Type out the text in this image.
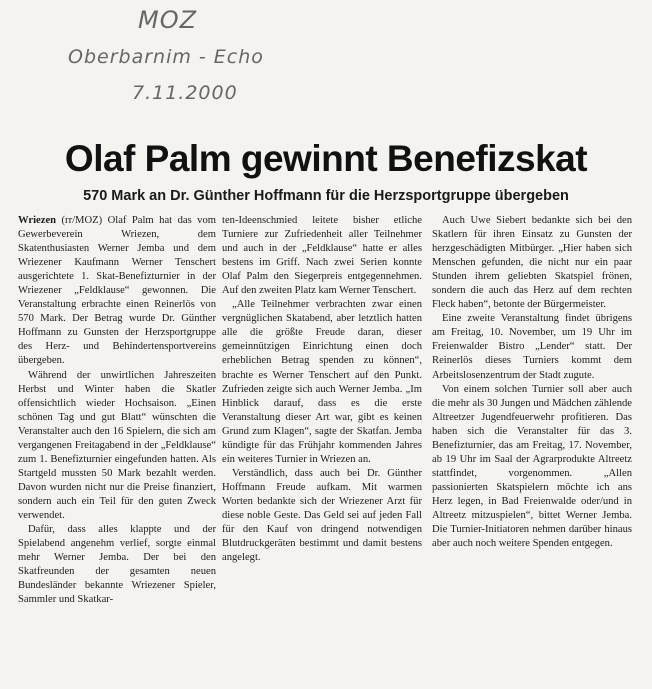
MOZ
Oberbarnim - Echo
7.11.2000
Olaf Palm gewinnt Benefizskat
570 Mark an Dr. Günther Hoffmann für die Herzsportgruppe übergeben

Wriezen (rr/MOZ) Olaf Palm hat das vom Gewerbeverein Wriezen, dem Skatenthusiasten Werner Jemba und dem Wriezener Kaufmann Werner Tenschert ausgerichtete 1. Skat-Benefizturnier in der Wriezener „Feldklause“ gewonnen. Die Veranstaltung erbrachte einen Reinerlös von 570 Mark. Der Betrag wurde Dr. Günther Hoffmann zu Gunsten der Herzsportgruppe des Herz- und Behindertensportvereins übergeben.

Während der unwirtlichen Jahreszeiten Herbst und Winter haben die Skatler offensichtlich wieder Hochsaison. „Einen schönen Tag und gut Blatt“ wünschten die Veranstalter auch den 16 Spielern, die sich am vergangenen Freitagabend in der „Feldklause“ zum 1. Benefizturnier eingefunden hatten. Als Startgeld mussten 50 Mark bezahlt werden. Davon wurden nicht nur die Preise finanziert, sondern auch ein Teil für den guten Zweck verwendet.

Dafür, dass alles klappte und der Spielabend angenehm verlief, sorgte einmal mehr Werner Jemba. Der bei den Skatfreunden der gesamten neuen Bundesländer bekannte Wriezener Spieler, Sammler und Skatkar-

ten-Ideenschmied leitete bisher etliche Turniere zur Zufriedenheit aller Teilnehmer und auch in der „Feldklause“ hatte er alles bestens im Griff. Nach zwei Serien konnte Olaf Palm den Siegerpreis entgegennehmen. Auf den zweiten Platz kam Werner Tenschert.

„Alle Teilnehmer verbrachten zwar einen vergnüglichen Skatabend, aber letztlich hatten alle die größte Freude daran, dieser gemeinnützigen Einrichtung einen doch erheblichen Betrag spenden zu können“, brachte es Werner Tenschert auf den Punkt. Zufrieden zeigte sich auch Werner Jemba. „Im Hinblick darauf, dass es die erste Veranstaltung dieser Art war, gibt es keinen Grund zum Klagen“, sagte der Skatfan. Jemba kündigte für das Frühjahr kommenden Jahres ein weiteres Turnier in Wriezen an.

Verständlich, dass auch bei Dr. Günther Hoffmann Freude aufkam. Mit warmen Worten bedankte sich der Wriezener Arzt für diese noble Geste. Das Geld sei auf jeden Fall für den Kauf von dringend notwendigen Blutdruckgeräten bestimmt und damit bestens angelegt.

Auch Uwe Siebert bedankte sich bei den Skatlern für ihren Einsatz zu Gunsten der herzgeschädigten Mitbürger. „Hier haben sich Menschen gefunden, die nicht nur ein paar Stunden ihrem geliebten Skatspiel frönen, sondern die auch das Herz auf dem rechten Fleck haben“, betonte der Bürgermeister.

Eine zweite Veranstaltung findet übrigens am Freitag, 10. November, um 19 Uhr im Freienwalder Bistro „Lender“ statt. Der Reinerlös dieses Turniers kommt dem Arbeitslosenzentrum der Stadt zugute.

Von einem solchen Turnier soll aber auch die mehr als 30 Jungen und Mädchen zählende Altreetzer Jugendfeuerwehr profitieren. Das haben sich die Veranstalter für das 3. Benefizturnier, das am Freitag, 17. November, ab 19 Uhr im Saal der Agrarprodukte Altreetz stattfindet, vorgenommen. „Allen passionierten Skatspielern möchte ich ans Herz legen, in Bad Freienwalde oder/und in Altreetz mitzuspielen“, bittet Werner Jemba. Die Turnier-Initiatoren nehmen darüber hinaus aber auch noch weitere Spenden entgegen.
